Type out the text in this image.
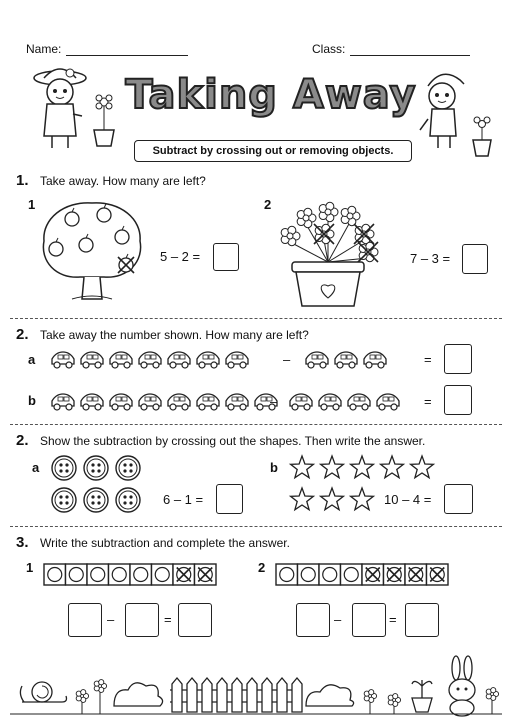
Name:	Class:
Taking Away
Subtract by crossing out or removing objects.
1. Take away. How many are left?
1	2
5 – 2 =	7 – 3 =
2. Take away the number shown. How many are left?
a	–	=
b	–	=
2. Show the subtraction by crossing out the shapes. Then write the answer.
a
6 – 1 =
b
10 – 4 =
3. Write the subtraction and complete the answer.
1
–	=
2
–	=
